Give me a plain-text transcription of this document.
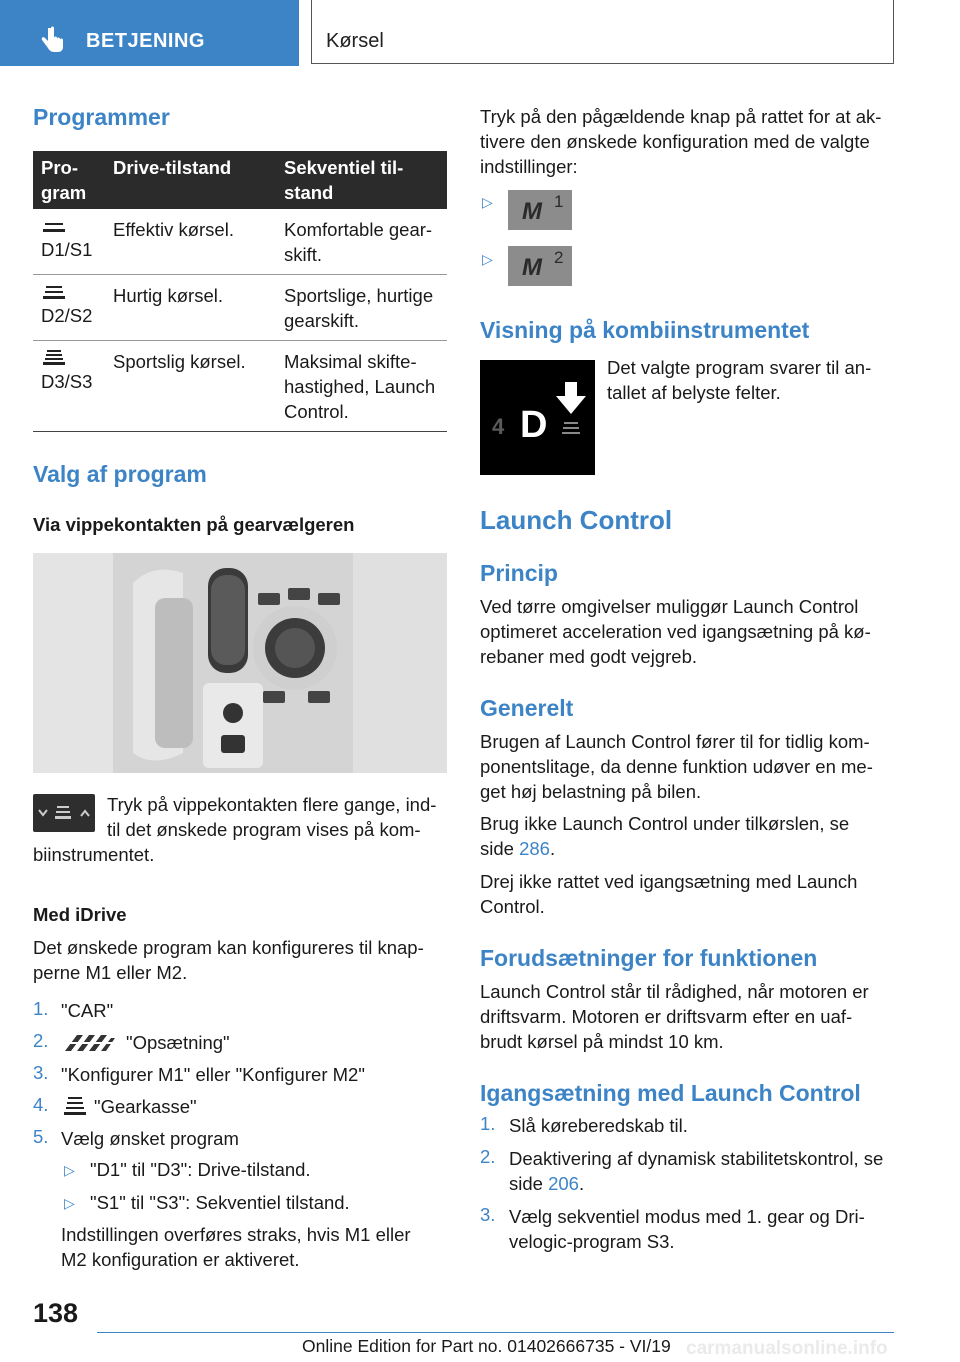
BETJENING	Kørsel
Programmer
Pro-
gram	Drive-tilstand	Sekventiel til-
stand

D1/S1	Effektiv kørsel.	Komfortable gear-
skift.

D2/S2	Hurtig kørsel.	Sportslige, hurtige
gearskift.

D3/S3	Sportslig kørsel.	Maksimal skifte-
hastighed, Launch
Control.
Valg af program
Via vippekontakten på gearvælgeren
Tryk på vippekontakten flere gange, ind-
til det ønskede program vises på kom-
biinstrumentet.
Med iDrive
Det ønskede program kan konfigureres til knap-
perne M1 eller M2.
1. "CAR"
2.	"Opsætning"
3. "Konfigurer M1" eller "Konfigurer M2"
4. "Gearkasse"
5. Vælg ønsket program
▷ "D1" til "D3": Drive-tilstand.
▷ "S1" til "S3": Sekventiel tilstand.
Indstillingen overføres straks, hvis M1 eller
M2 konfiguration er aktiveret.
138
Tryk på den pågældende knap på rattet for at ak-
tivere den ønskede konfiguration med de valgte
indstillinger:
▷ M 1
▷ M 2
Visning på kombiinstrumentet
4 D
Det valgte program svarer til an-
tallet af belyste felter.
Launch Control
Princip
Ved tørre omgivelser muliggør Launch Control
optimeret acceleration ved igangsætning på kø-
rebaner med godt vejgreb.
Generelt
Brugen af Launch Control fører til for tidlig kom-
ponentslitage, da denne funktion udøver en me-
get høj belastning på bilen.
Brug ikke Launch Control under tilkørslen, se
side 286.
Drej ikke rattet ved igangsætning med Launch
Control.
Forudsætninger for funktionen
Launch Control står til rådighed, når motoren er
driftsvarm. Motoren er driftsvarm efter en uaf-
brudt kørsel på mindst 10 km.
Igangsætning med Launch Control
1. Slå køreberedskab til.
2. Deaktivering af dynamisk stabilitetskontrol, se
side 206.
3. Vælg sekventiel modus med 1. gear og Dri-
velogic-program S3.
Online Edition for Part no. 01402666735 - VI/19 carmanualsonline.info
